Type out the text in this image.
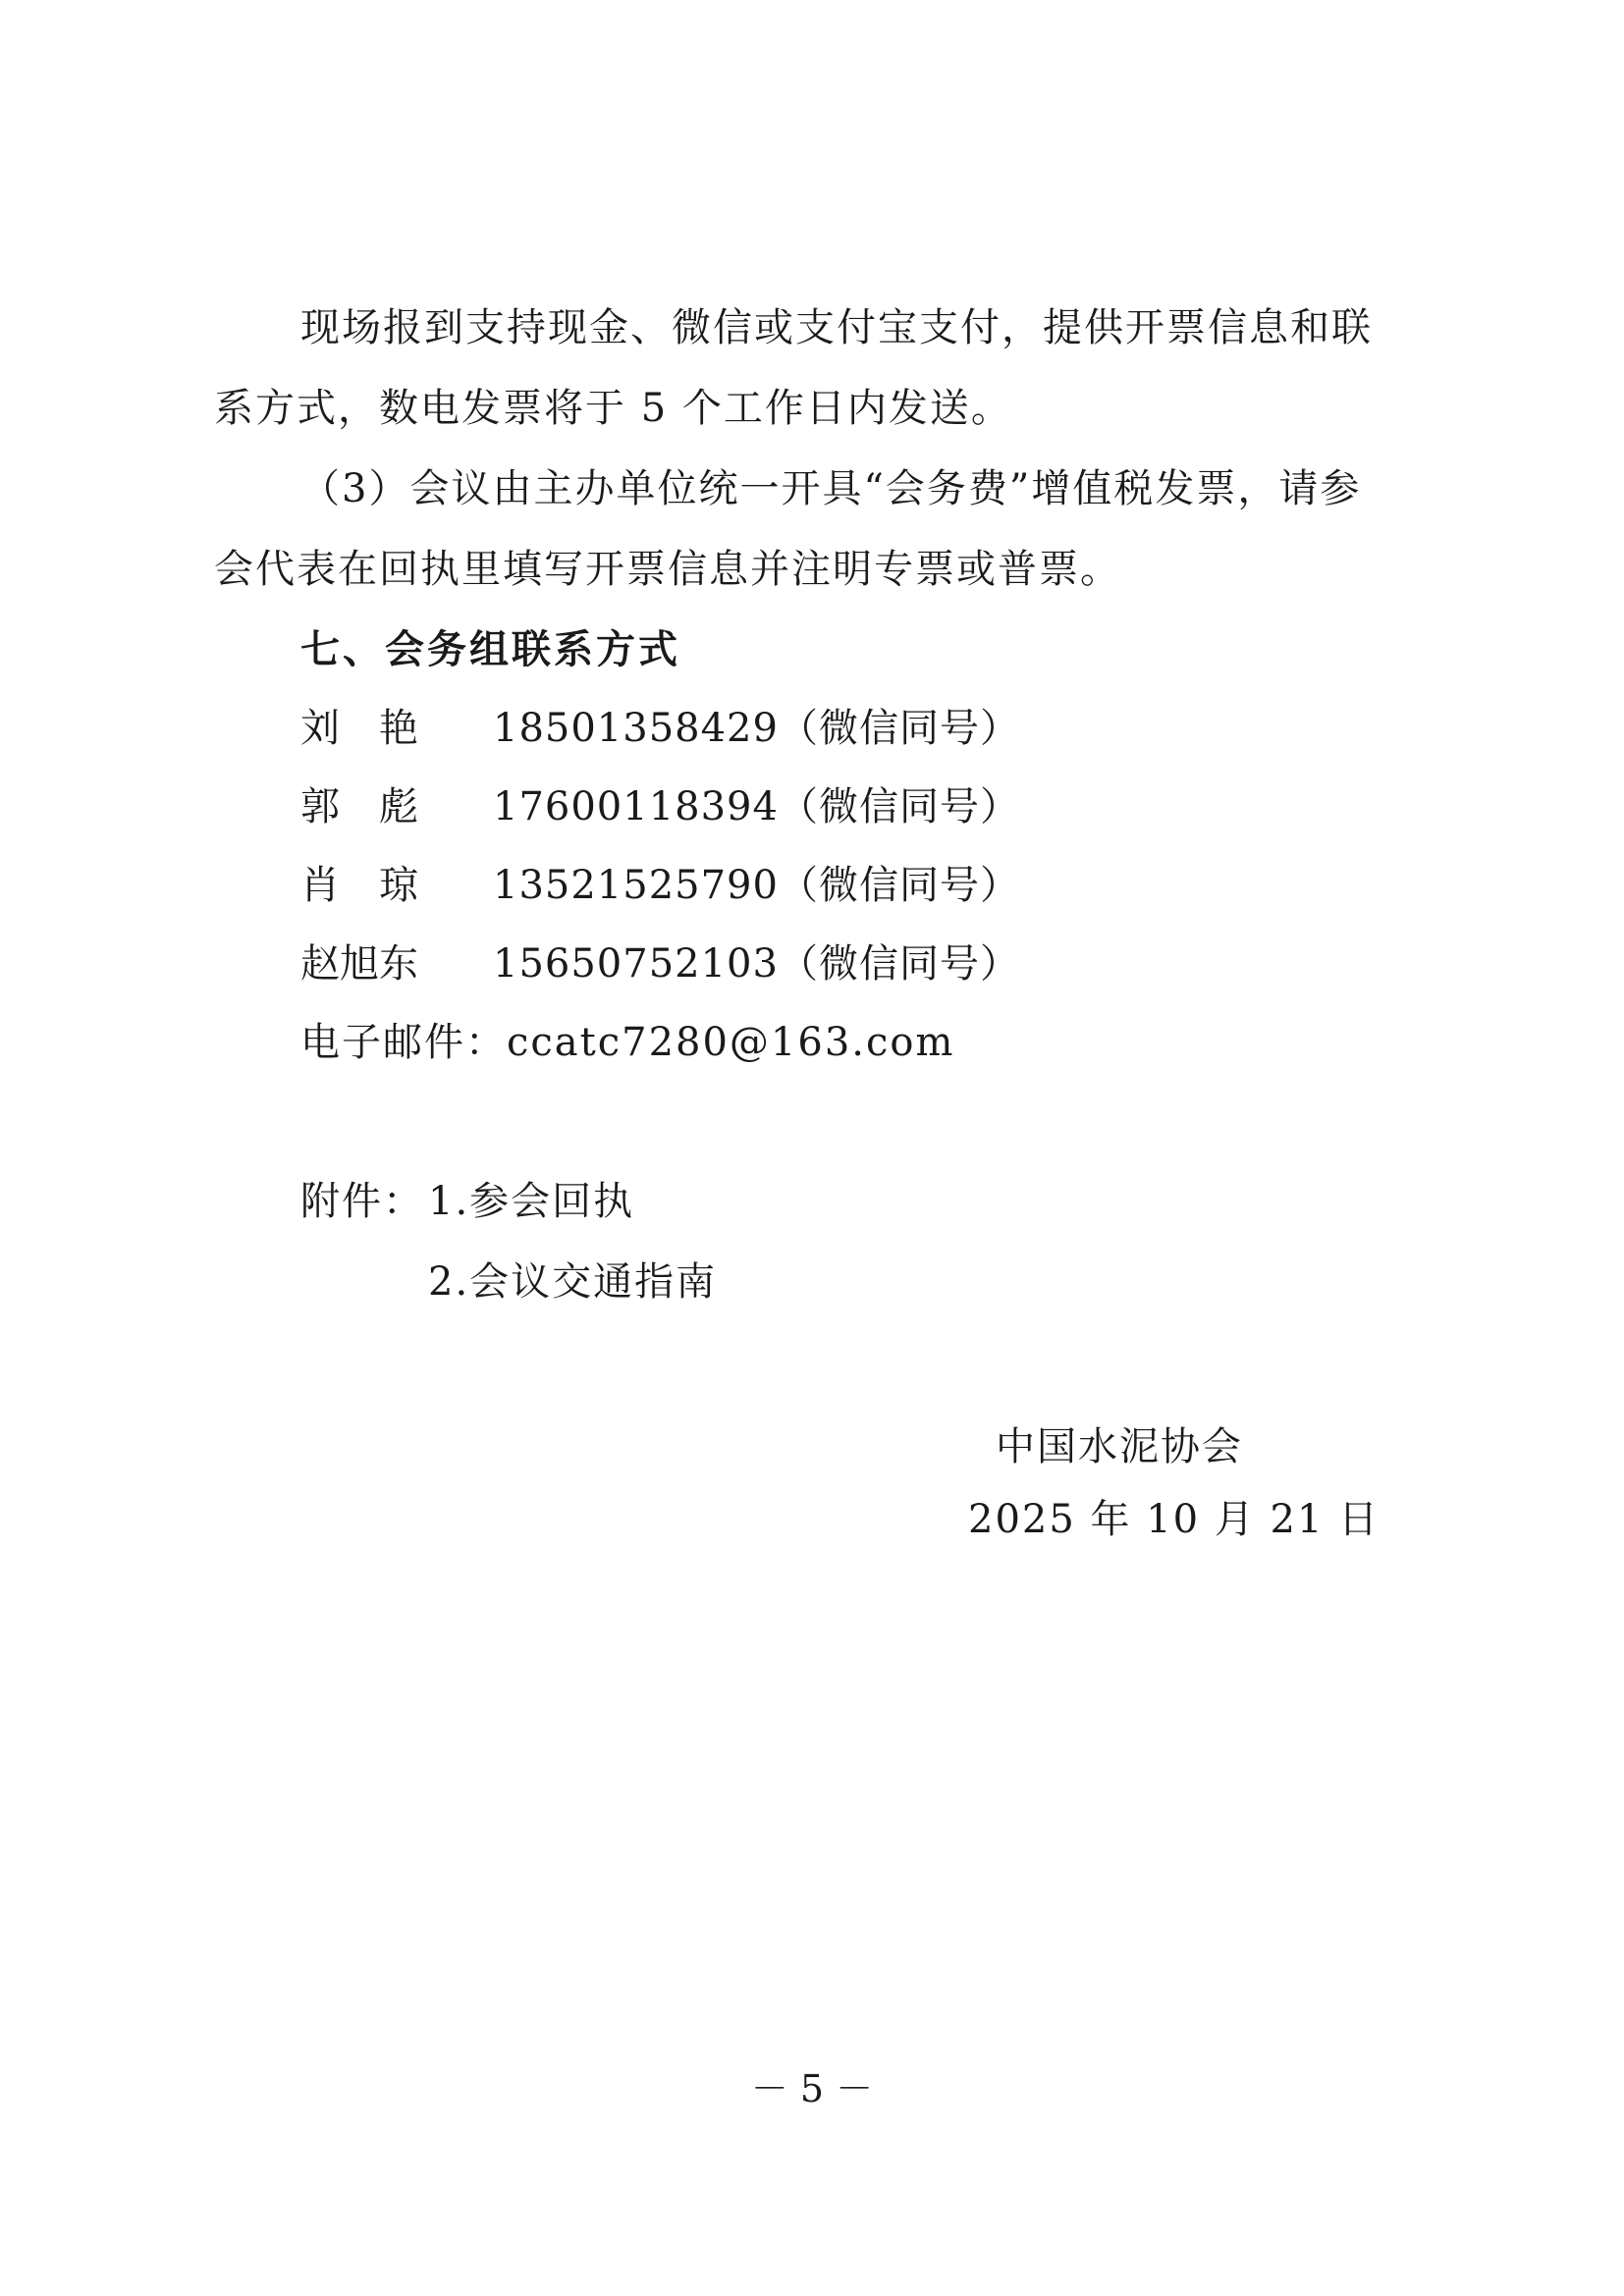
现场报到支持现金、微信或支付宝支付，提供开票信息和联
系方式，数电发票将于 5 个工作日内发送。
（3）会议由主办单位统一开具“会务费”增值税发票，请参
会代表在回执里填写开票信息并注明专票或普票。
七、会务组联系方式
刘　艳 18501358429（微信同号）
郭　彪 17600118394（微信同号）
肖　琼 13521525790（微信同号）
赵旭东 15650752103（微信同号）
电子邮件：ccatc7280@163.com
附件： 1.参会回执
2.会议交通指南
中国水泥协会
2025 年 10 月 21 日
－ 5 －
